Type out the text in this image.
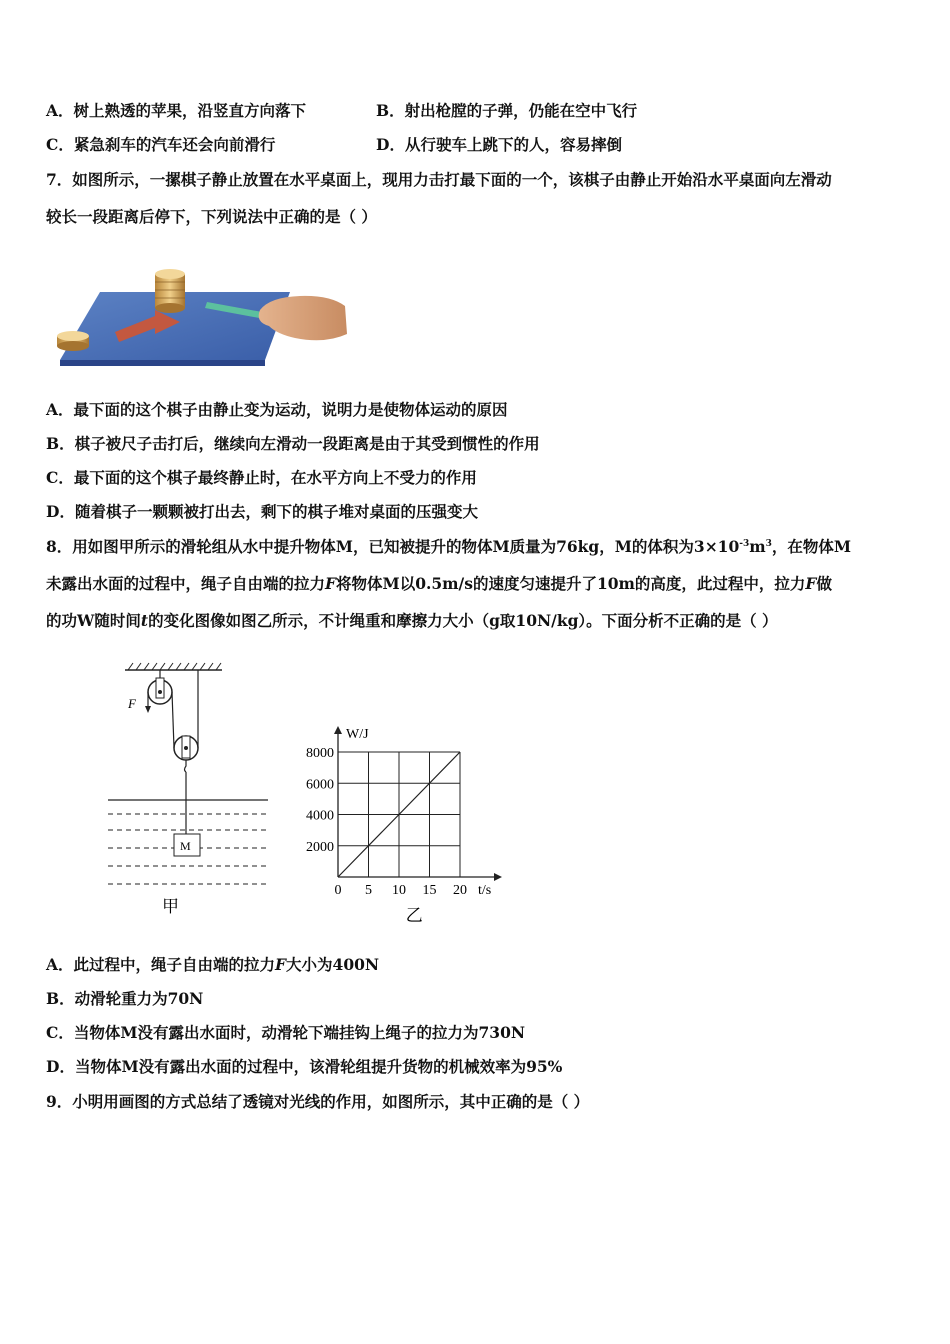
A．树上熟透的苹果，沿竖直方向落下	B．射出枪膛的子弹，仍能在空中飞行
C．紧急刹车的汽车还会向前滑行	D．从行驶车上跳下的人，容易摔倒
7．如图所示，一摞棋子静止放置在水平桌面上，现用力击打最下面的一个，该棋子由静止开始沿水平桌面向左滑动
较长一段距离后停下，下列说法中正确的是（ ）
A．最下面的这个棋子由静止变为运动，说明力是使物体运动的原因
B．棋子被尺子击打后，继续向左滑动一段距离是由于其受到惯性的作用
C．最下面的这个棋子最终静止时，在水平方向上不受力的作用
D．随着棋子一颗颗被打出去，剩下的棋子堆对桌面的压强变大
8．用如图甲所示的滑轮组从水中提升物体M，已知被提升的物体M质量为76kg，M的体积为$3\times 10^{-3}m^3$，在物体M
未露出水面的过程中，绳子自由端的拉力F将物体M以0.5m/s的速度匀速提升了10m的高度，此过程中，拉力F做
的功W随时间t的变化图像如图乙所示，不计绳重和摩擦力大小（g取10N/kg）。下面分析不正确的是（ ）
F
M
甲
0 5 10 15 20
2000
4000
6000
8000
t/s
W/J
乙
A．此过程中，绳子自由端的拉力F大小为400N
B．动滑轮重力为70N
C．当物体M没有露出水面时，动滑轮下端挂钩上绳子的拉力为730N
D．当物体M没有露出水面的过程中，该滑轮组提升货物的机械效率为95%
9．小明用画图的方式总结了透镜对光线的作用，如图所示，其中正确的是（ ）
